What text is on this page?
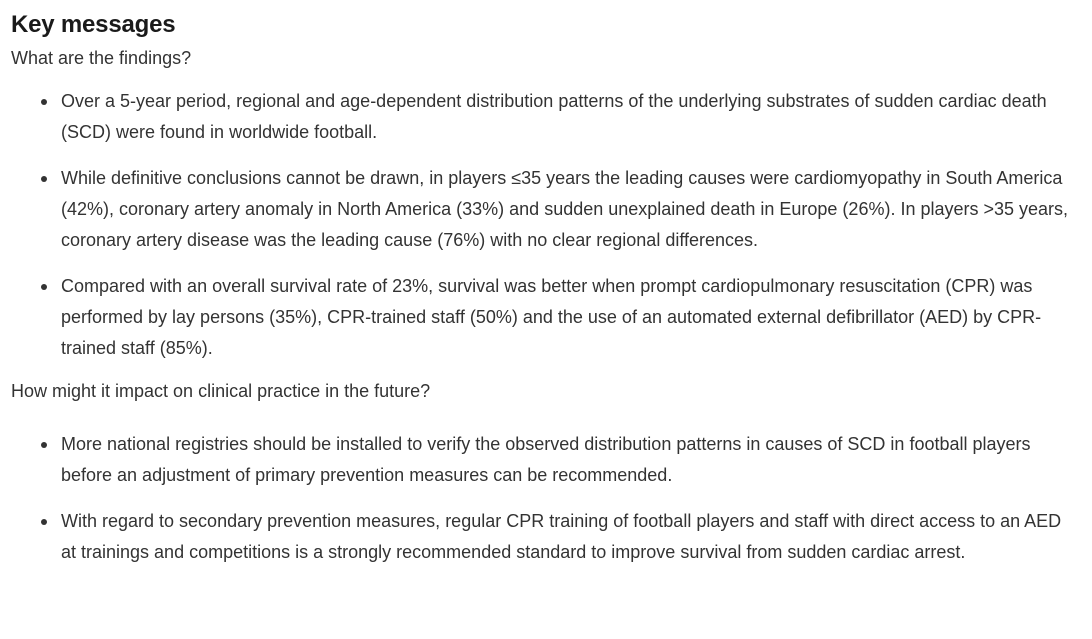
Key messages

What are the findings?

Over a 5-year period, regional and age-dependent distribution patterns of the underlying substrates of sudden cardiac death (SCD) were found in worldwide football.
While definitive conclusions cannot be drawn, in players ≤35 years the leading causes were cardiomyopathy in South America (42%), coronary artery anomaly in North America (33%) and sudden unexplained death in Europe (26%). In players >35 years, coronary artery disease was the leading cause (76%) with no clear regional differences.
Compared with an overall survival rate of 23%, survival was better when prompt cardiopulmonary resuscitation (CPR) was performed by lay persons (35%), CPR-trained staff (50%) and the use of an automated external defibrillator (AED) by CPR-trained staff (85%).

How might it impact on clinical practice in the future?

More national registries should be installed to verify the observed distribution patterns in causes of SCD in football players before an adjustment of primary prevention measures can be recommended.
With regard to secondary prevention measures, regular CPR training of football players and staff with direct access to an AED at trainings and competitions is a strongly recommended standard to improve survival from sudden cardiac arrest.
